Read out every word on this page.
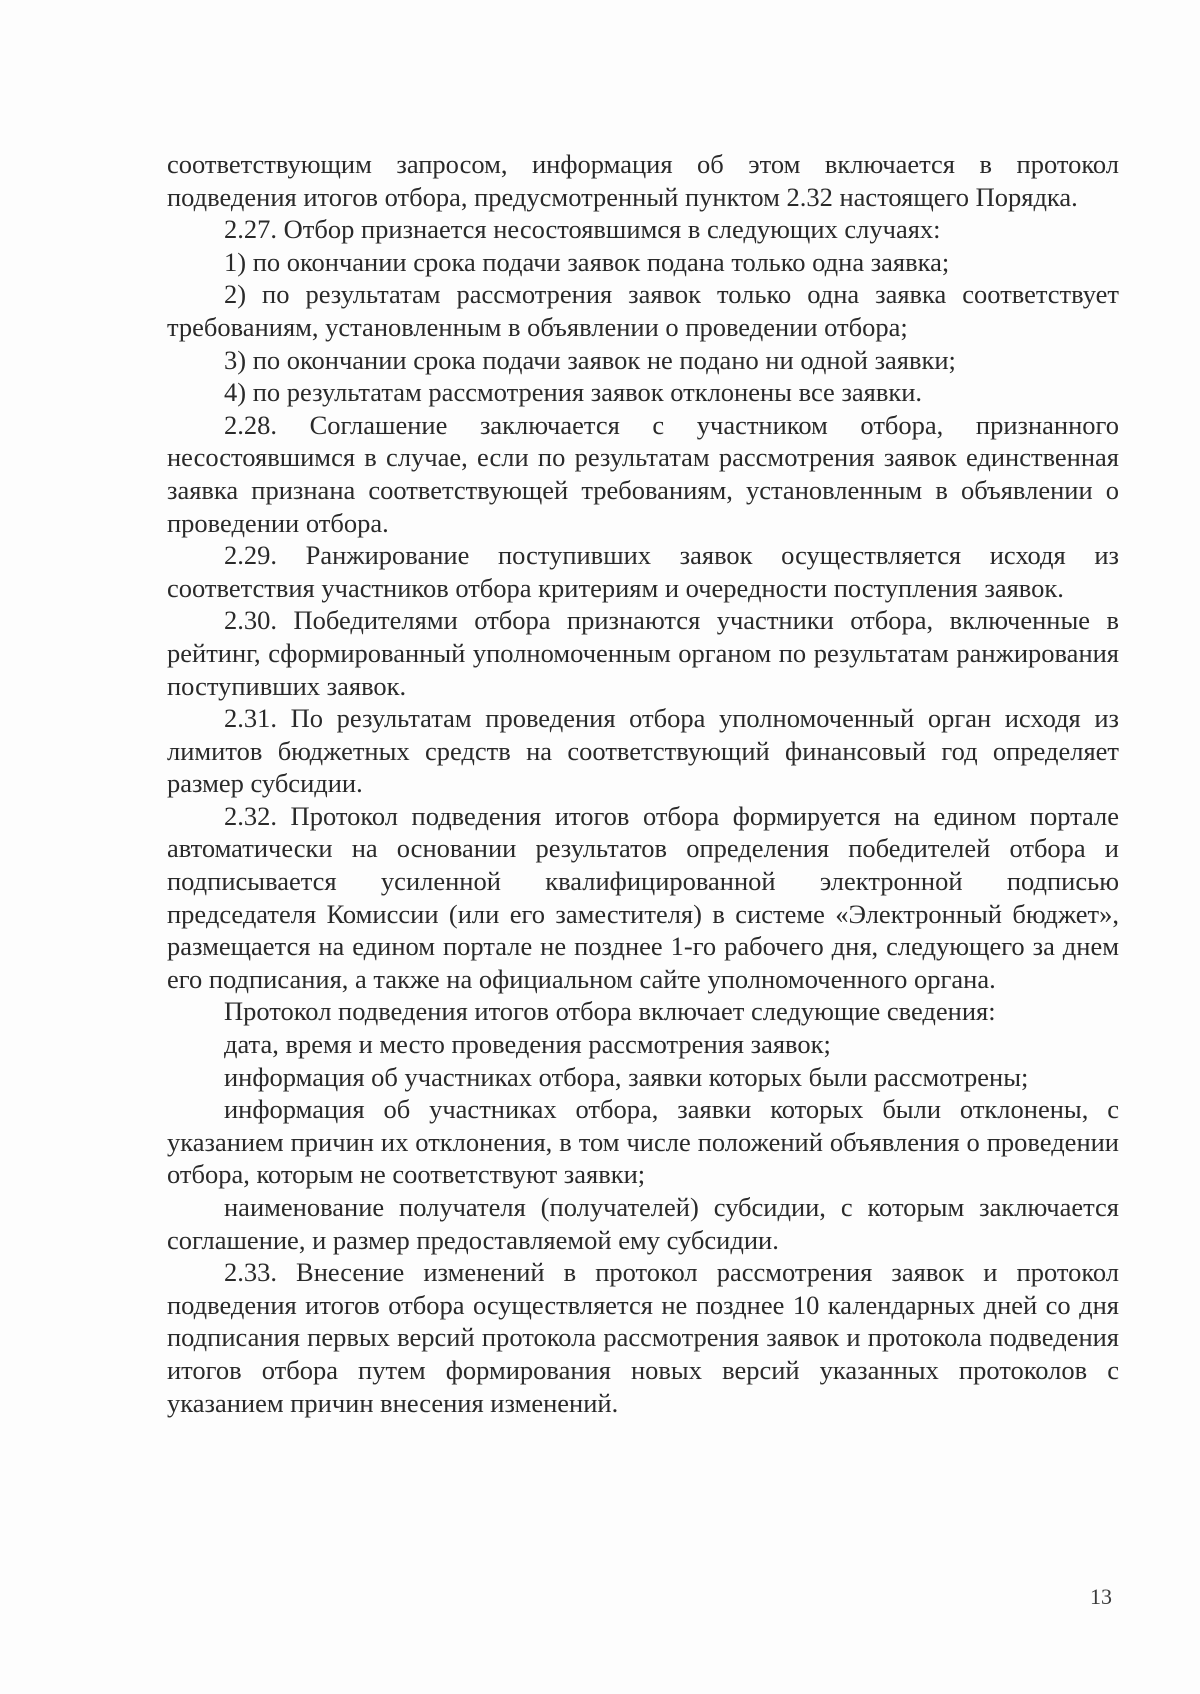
соответствующим запросом, информация об этом включается в протокол подведения итогов отбора, предусмотренный пунктом 2.32 настоящего Порядка.

2.27. Отбор признается несостоявшимся в следующих случаях:

1) по окончании срока подачи заявок подана только одна заявка;

2) по результатам рассмотрения заявок только одна заявка соответствует требованиям, установленным в объявлении о проведении отбора;

3) по окончании срока подачи заявок не подано ни одной заявки;

4) по результатам рассмотрения заявок отклонены все заявки.

2.28. Соглашение заключается с участником отбора, признанного несостоявшимся в случае, если по результатам рассмотрения заявок единственная заявка признана соответствующей требованиям, установленным в объявлении о проведении отбора.

2.29. Ранжирование поступивших заявок осуществляется исходя из соответствия участников отбора критериям и очередности поступления заявок.

2.30. Победителями отбора признаются участники отбора, включенные в рейтинг, сформированный уполномоченным органом по результатам ранжирования поступивших заявок.

2.31. По результатам проведения отбора уполномоченный орган исходя из лимитов бюджетных средств на соответствующий финансовый год определяет размер субсидии.

2.32. Протокол подведения итогов отбора формируется на едином портале автоматически на основании результатов определения победителей отбора и подписывается усиленной квалифицированной электронной подписью председателя Комиссии (или его заместителя) в системе «Электронный бюджет», размещается на едином портале не позднее 1-го рабочего дня, следующего за днем его подписания, а также на официальном сайте уполномоченного органа.

Протокол подведения итогов отбора включает следующие сведения:

дата, время и место проведения рассмотрения заявок;

информация об участниках отбора, заявки которых были рассмотрены;

информация об участниках отбора, заявки которых были отклонены, с указанием причин их отклонения, в том числе положений объявления о проведении отбора, которым не соответствуют заявки;

наименование получателя (получателей) субсидии, с которым заключается соглашение, и размер предоставляемой ему субсидии.

2.33. Внесение изменений в протокол рассмотрения заявок и протокол подведения итогов отбора осуществляется не позднее 10 календарных дней со дня подписания первых версий протокола рассмотрения заявок и протокола подведения итогов отбора путем формирования новых версий указанных протоколов с указанием причин внесения изменений.

13
